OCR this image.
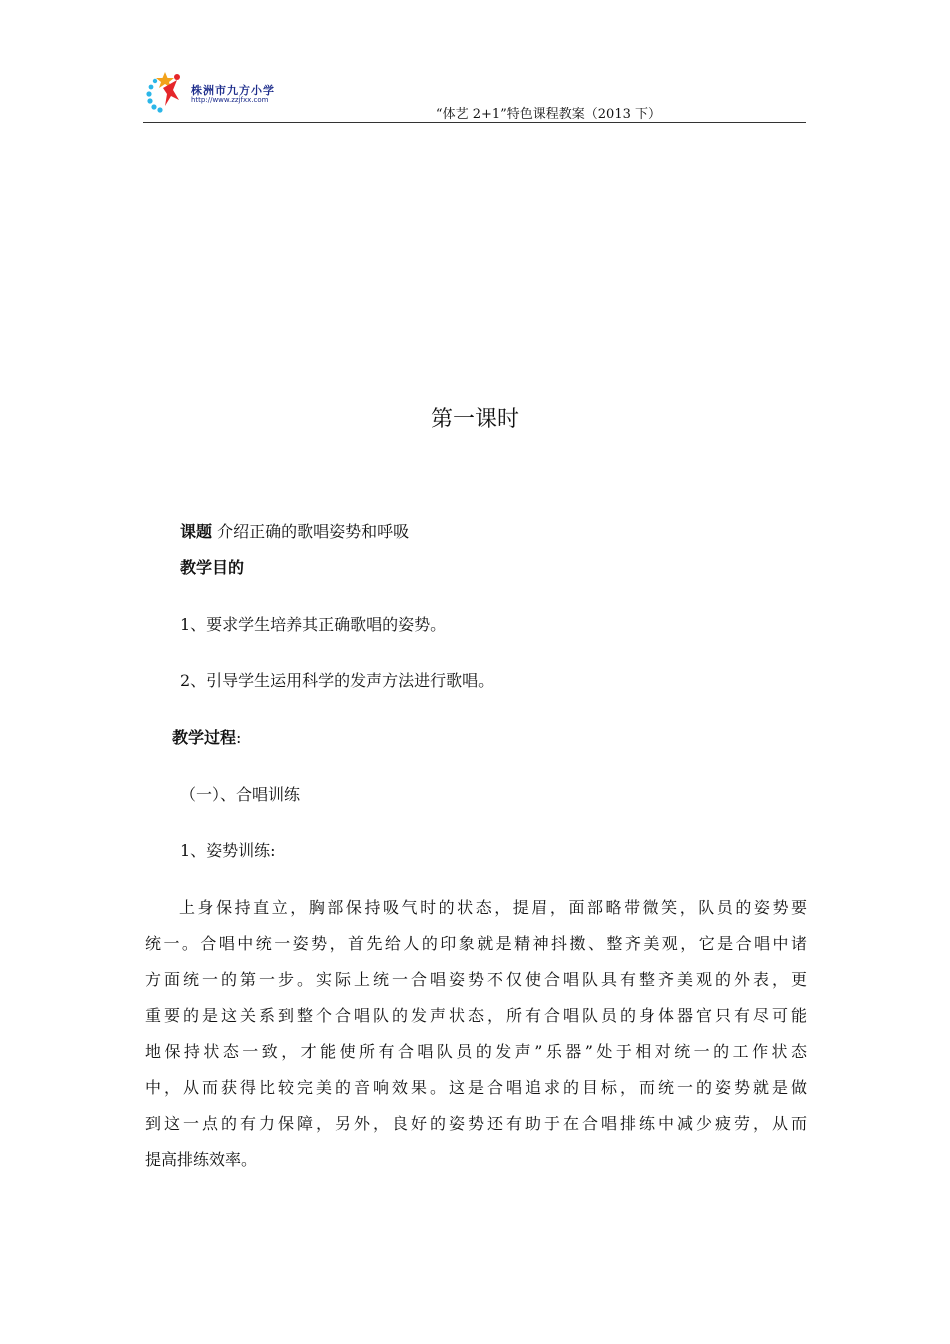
株洲市九方小学
http://www.zzjfxx.com
“体艺 2+1”特色课程教案（2013 下）
第一课时
课题 介绍正确的歌唱姿势和呼吸
教学目的
1、要求学生培养其正确歌唱的姿势。
2、引导学生运用科学的发声方法进行歌唱。
教学过程:
（一）、合唱训练
1、姿势训练:
上身保持直立，胸部保持吸气时的状态，提眉，面部略带微笑，队员的姿势要
统一。合唱中统一姿势，首先给人的印象就是精神抖擞、整齐美观，它是合唱中诸
方面统一的第一步。实际上统一合唱姿势不仅使合唱队具有整齐美观的外表，更
重要的是这关系到整个合唱队的发声状态，所有合唱队员的身体器官只有尽可能
地保持状态一致，才能使所有合唱队员的发声”乐器”处于相对统一的工作状态
中，从而获得比较完美的音响效果。这是合唱追求的目标，而统一的姿势就是做
到这一点的有力保障，另外，良好的姿势还有助于在合唱排练中减少疲劳，从而
提高排练效率。
